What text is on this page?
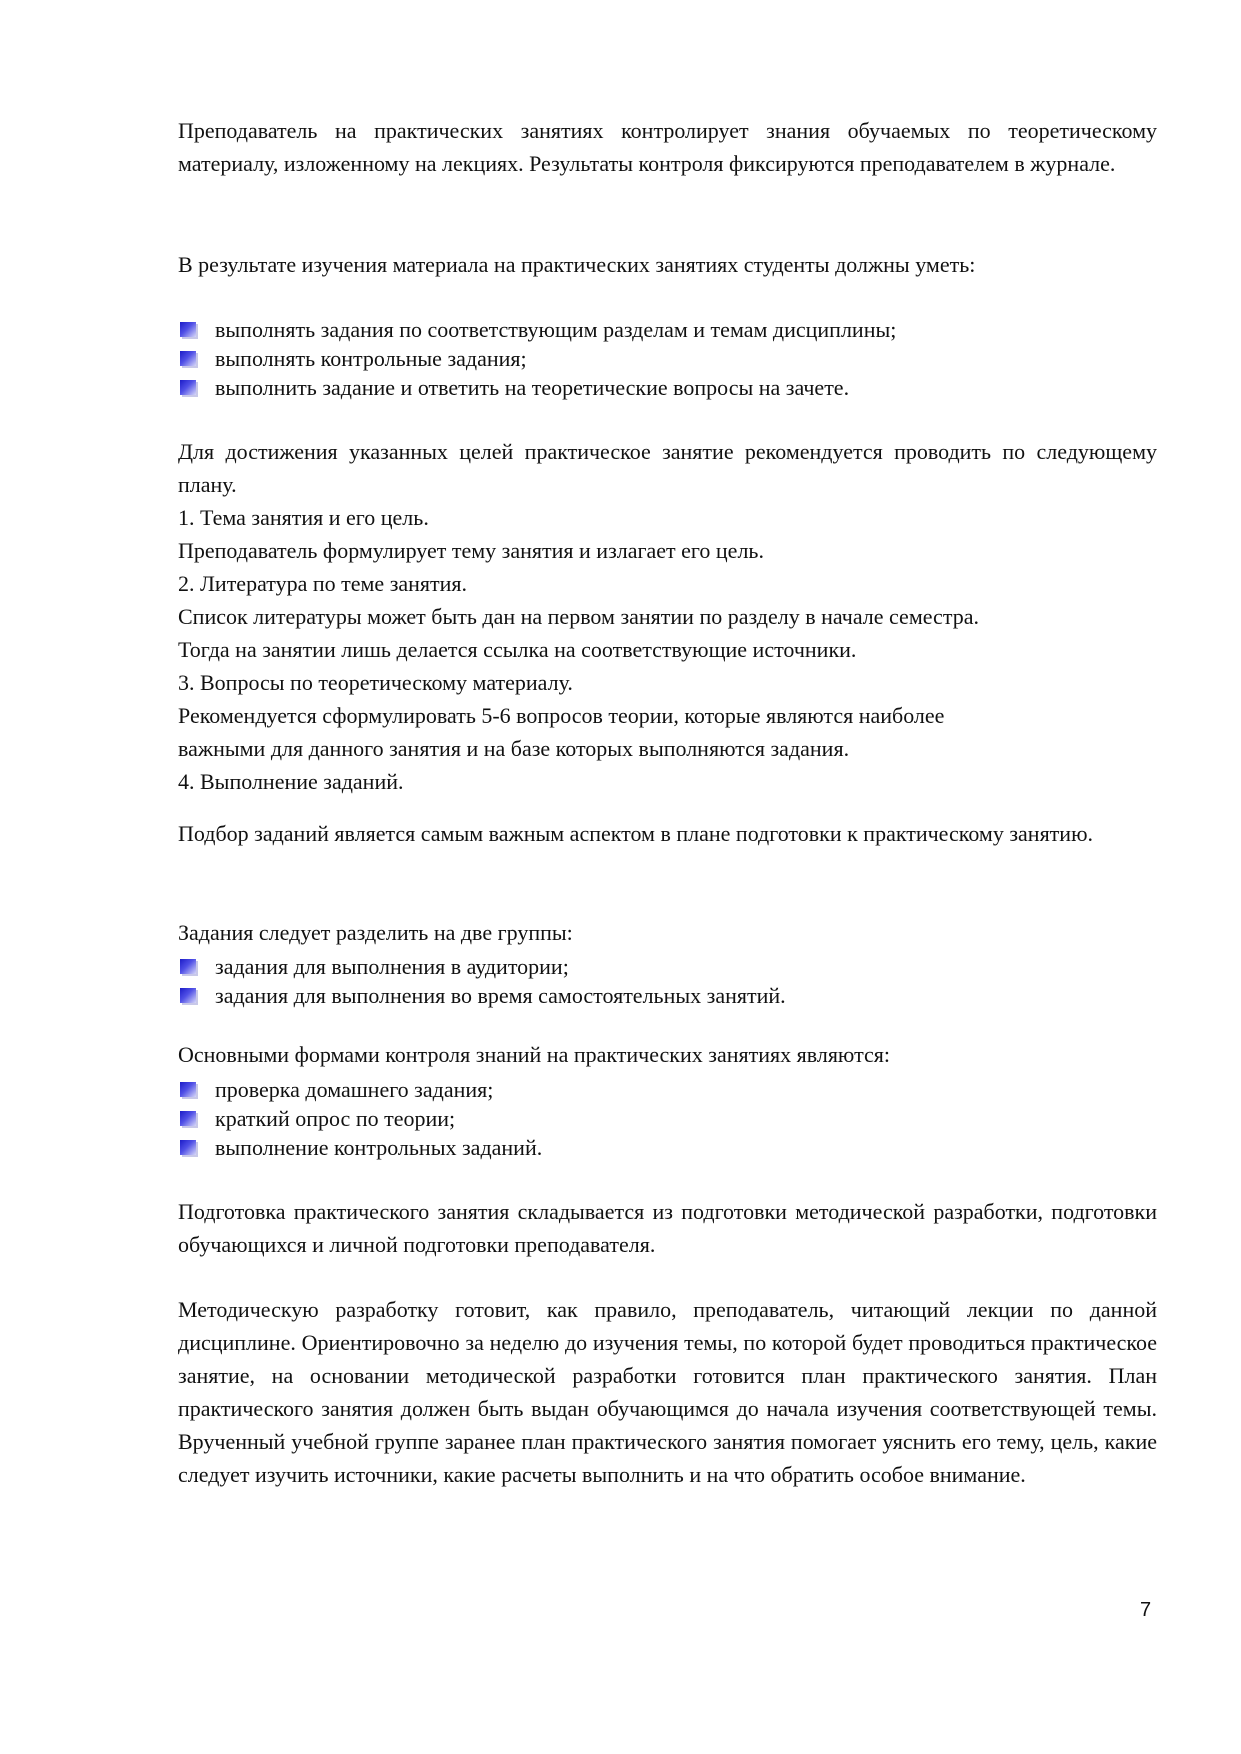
Преподаватель на практических занятиях контролирует знания обучаемых по теоретическому материалу, изложенному на лекциях. Результаты контроля фиксируются преподавателем в журнале.

В результате изучения материала на практических занятиях студенты должны уметь:

выполнять задания по соответствующим разделам и темам дисциплины;
выполнять контрольные задания;
выполнить задание и ответить на теоретические вопросы на зачете.

Для достижения указанных целей практическое занятие рекомендуется проводить по следующему плану.

1. Тема занятия и его цель.
Преподаватель формулирует тему занятия и излагает его цель.
2. Литература по теме занятия.
Список литературы может быть дан на первом занятии по разделу в начале семестра.
Тогда на занятии лишь делается ссылка на соответствующие источники.
3. Вопросы по теоретическому материалу.
Рекомендуется сформулировать 5-6 вопросов теории, которые являются наиболее
важными для данного занятия и на базе которых выполняются задания.
4. Выполнение заданий.

Подбор заданий является самым важным аспектом в плане подготовки к практическому занятию.

Задания следует разделить на две группы:

задания для выполнения в аудитории;
задания для выполнения во время самостоятельных занятий.

Основными формами контроля знаний на практических занятиях являются:

проверка домашнего задания;
краткий опрос по теории;
выполнение контрольных заданий.

Подготовка практического занятия складывается из подготовки методической разработки, подготовки обучающихся и личной подготовки преподавателя.

Методическую разработку готовит, как правило, преподаватель, читающий лекции по данной дисциплине. Ориентировочно за неделю до изучения темы, по которой будет проводиться практическое занятие, на основании методической разработки готовится план практического занятия. План практического занятия должен быть выдан обучающимся до начала изучения соответствующей темы. Врученный учебной группе заранее план практического занятия помогает уяснить его тему, цель, какие следует изучить источники, какие расчеты выполнить и на что обратить особое внимание.

7
